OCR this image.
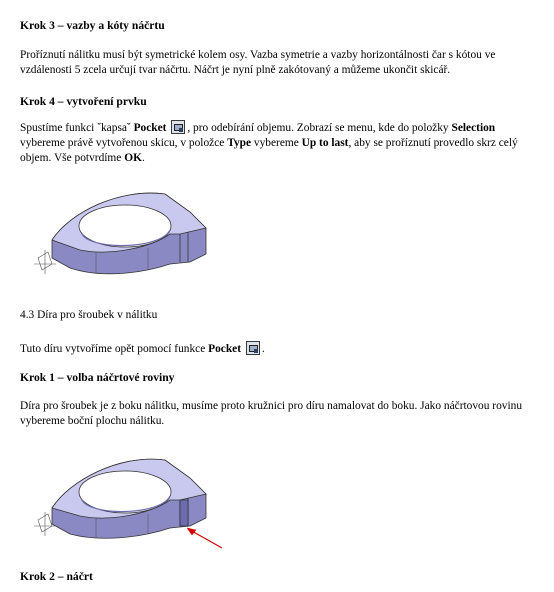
Krok 3 – vazby a kóty náčrtu

Proříznutí nálitku musí být symetrické kolem osy. Vazba symetrie a vazby horizontálnosti čar s kótou ve vzdálenosti 5 zcela určují tvar náčrtu. Náčrt je nyní plně zakótovaný a můžeme ukončit skicář.

Krok 4 – vytvoření prvku

Spustíme funkci ˇkapsaˇ Pocket , pro odebírání objemu. Zobrazí se menu, kde do položky Selection vybereme právě vytvořenou skicu, v položce Type vybereme Up to last, aby se proříznutí provedlo skrz celý objem. Vše potvrdíme OK.

4.3 Díra pro šroubek v nálitku

Tuto díru vytvoříme opět pomocí funkce Pocket .

Krok 1 – volba náčrtové roviny

Díra pro šroubek je z boku nálitku, musíme proto kružnici pro díru namalovat do boku. Jako náčrtovou rovinu vybereme boční plochu nálitku.

Krok 2 – náčrt
